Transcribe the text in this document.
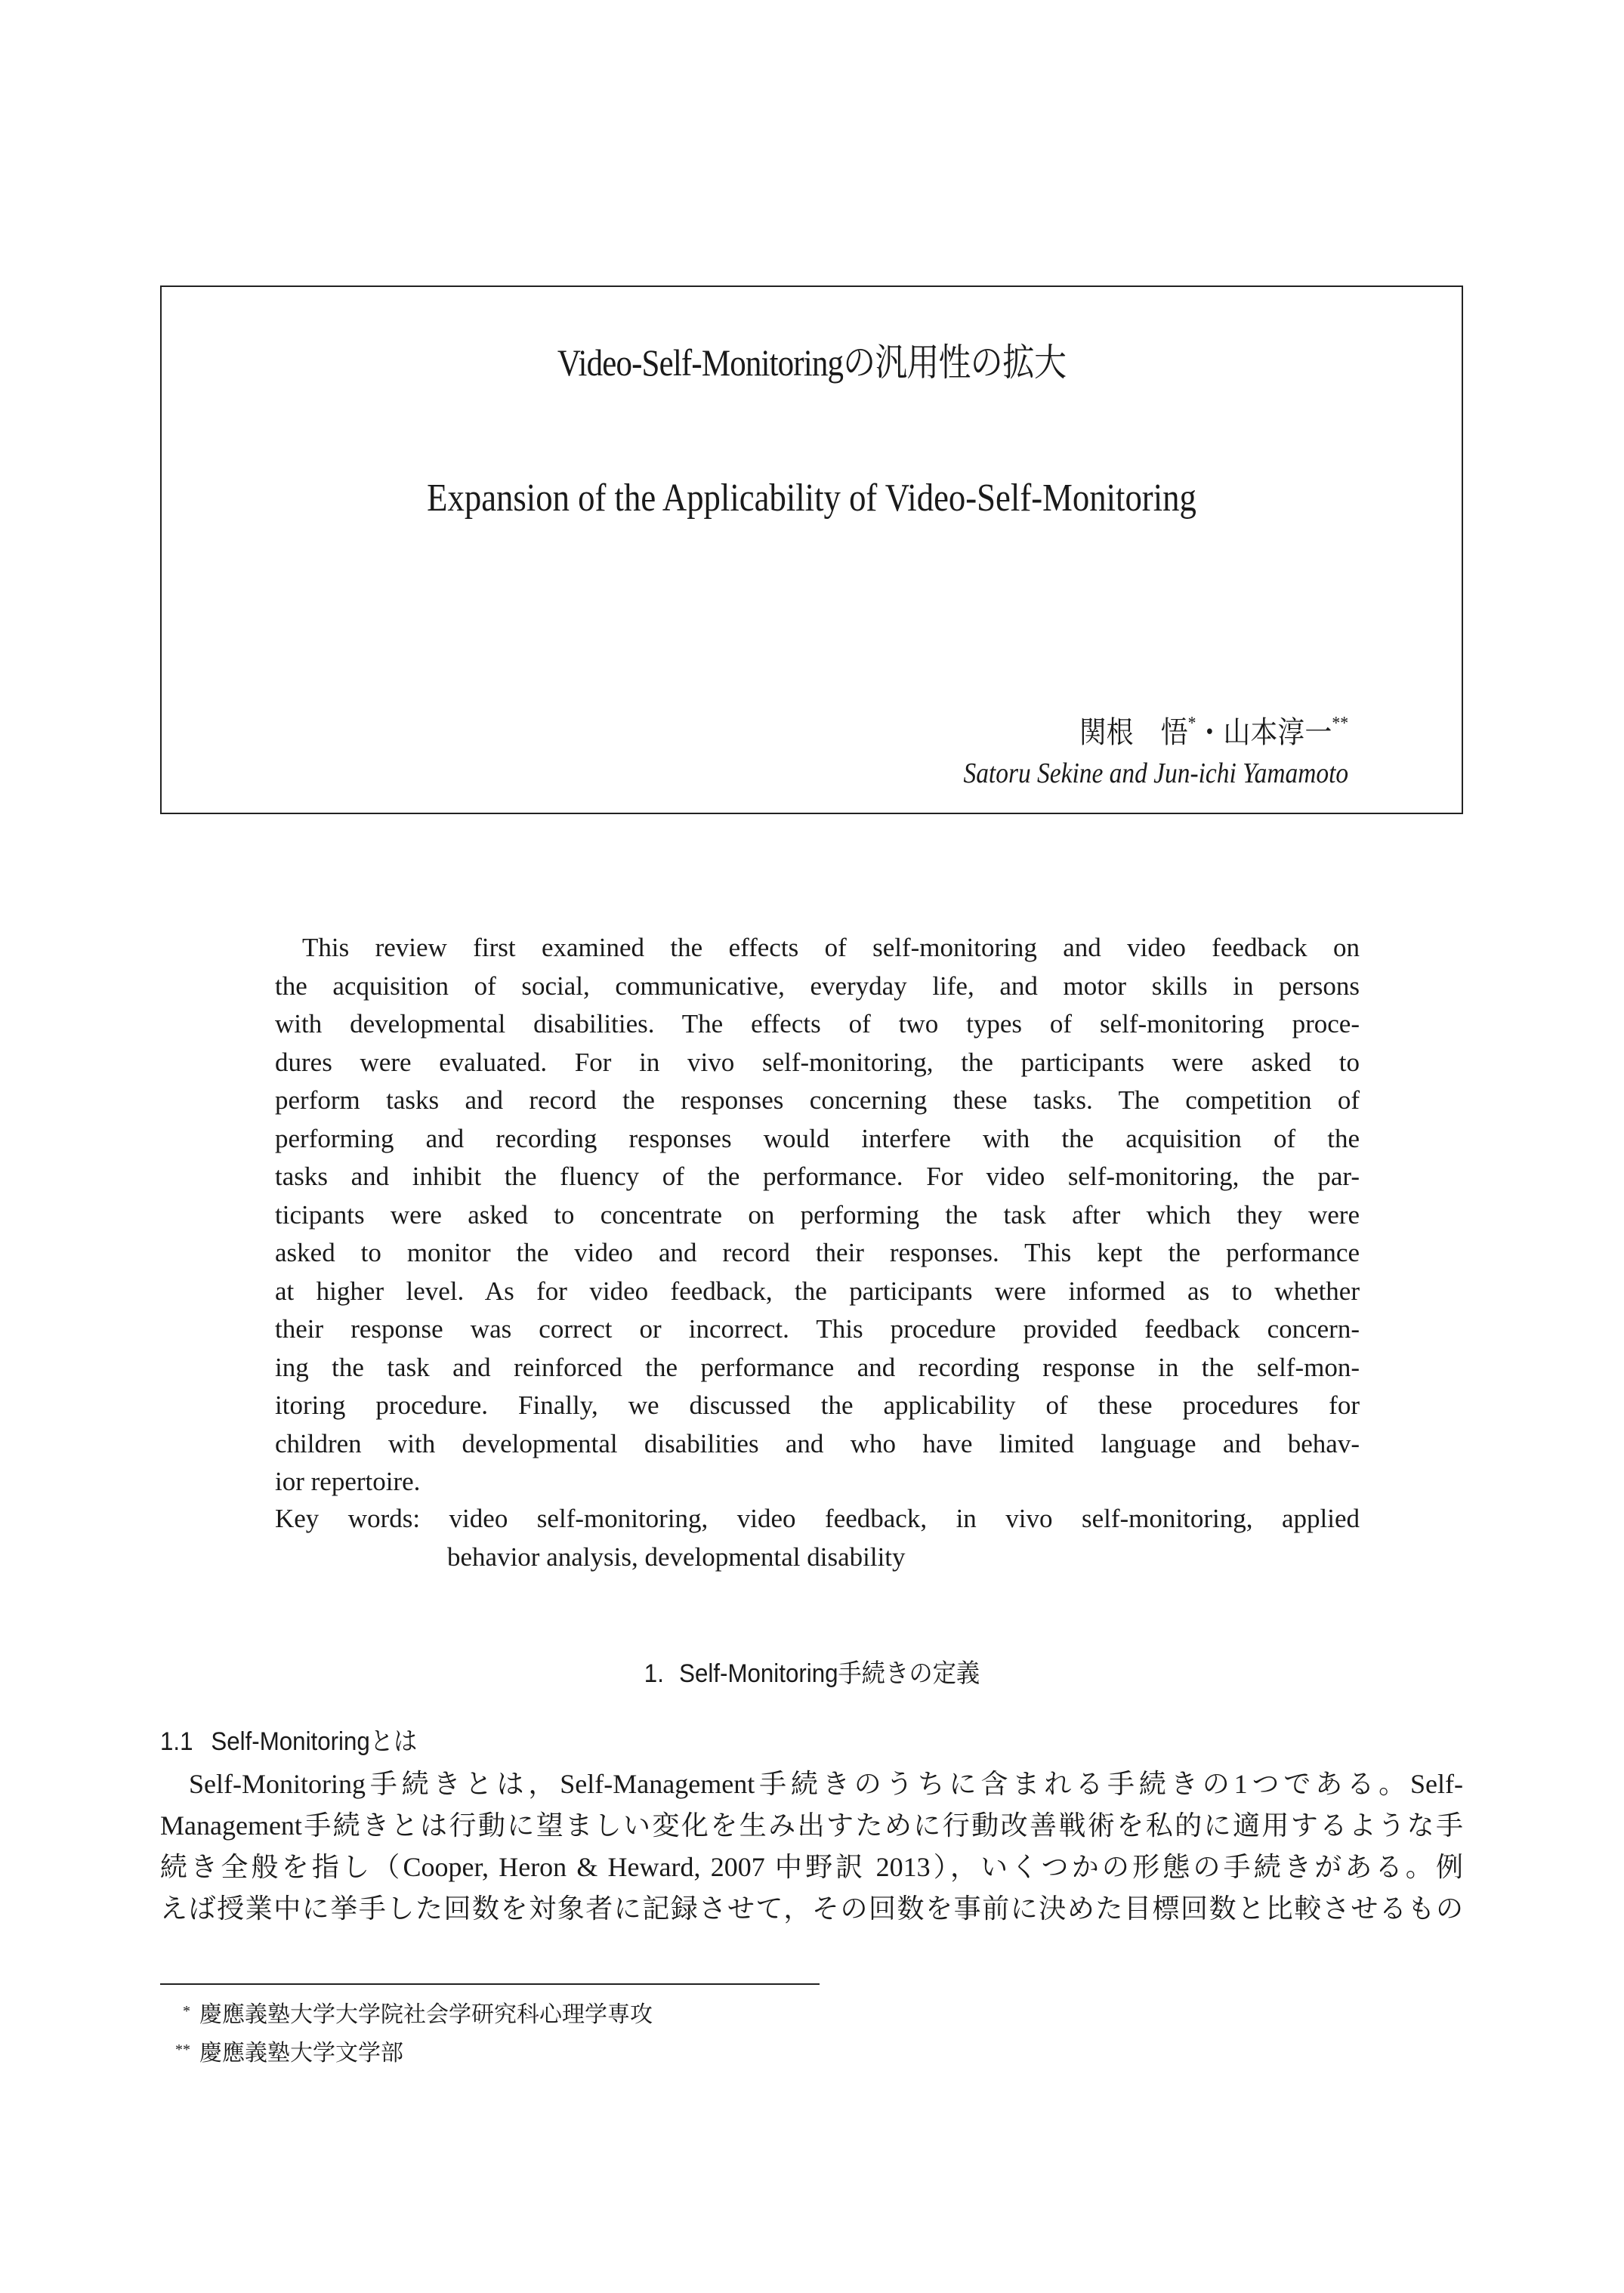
Video-Self-Monitoringの汎用性の拡大
Expansion of the Applicability of Video-Self-Monitoring
関根　悟*・山本淳一**
Satoru Sekine and Jun-ichi Yamamoto
This review first examined the effects of self-monitoring and video feedback on
the acquisition of social, communicative, everyday life, and motor skills in persons
with developmental disabilities. The effects of two types of self-monitoring proce-
dures were evaluated. For in vivo self-monitoring, the participants were asked to
perform tasks and record the responses concerning these tasks. The competition of
performing and recording responses would interfere with the acquisition of the
tasks and inhibit the fluency of the performance. For video self-monitoring, the par-
ticipants were asked to concentrate on performing the task after which they were
asked to monitor the video and record their responses. This kept the performance
at higher level. As for video feedback, the participants were informed as to whether
their response was correct or incorrect. This procedure provided feedback concern-
ing the task and reinforced the performance and recording response in the self-mon-
itoring procedure. Finally, we discussed the applicability of these procedures for
children with developmental disabilities and who have limited language and behav-
ior repertoire.
Key words: video self-monitoring, video feedback, in vivo self-monitoring, applied
behavior analysis, developmental disability
1. Self-Monitoring手続きの定義
1.1 Self-Monitoringとは
Self-Monitoring手続きとは，Self-Management手続きのうちに含まれる手続きの1つである。Self-
Management手続きとは行動に望ましい変化を生み出すために行動改善戦術を私的に適用するような手
続き全般を指し（Cooper, Heron & Heward, 2007 中野訳 2013），いくつかの形態の手続きがある。例
えば授業中に挙手した回数を対象者に記録させて，その回数を事前に決めた目標回数と比較させるもの
* 慶應義塾大学大学院社会学研究科心理学専攻
** 慶應義塾大学文学部
